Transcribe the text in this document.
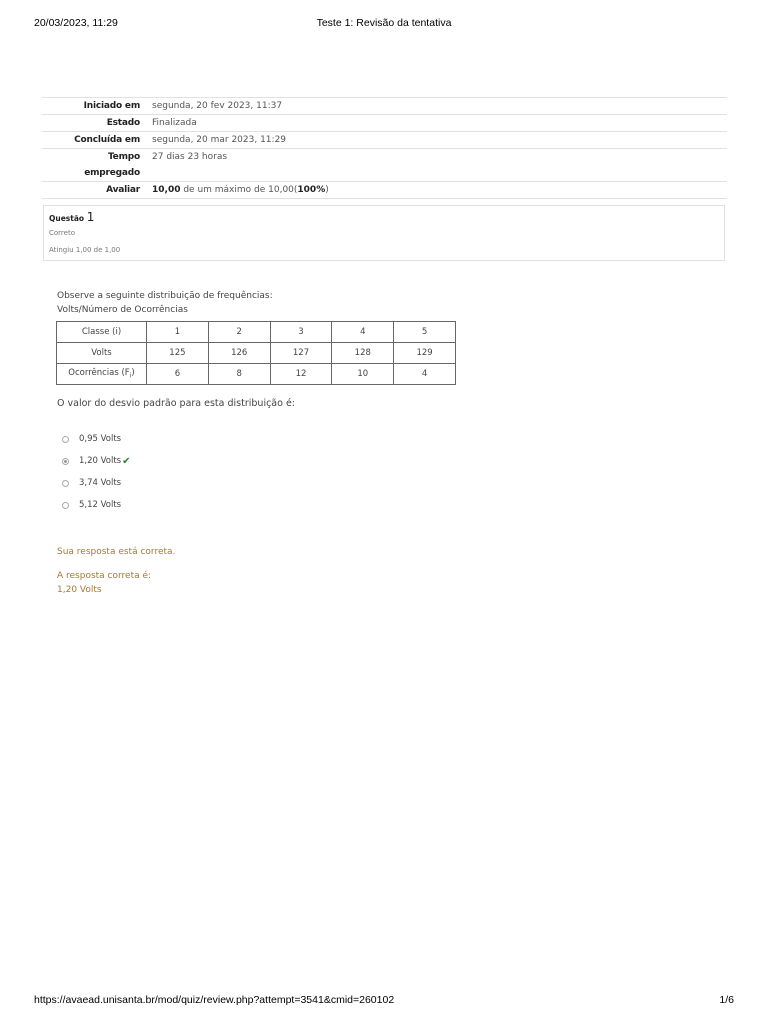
20/03/2023, 11:29	Teste 1: Revisão da tentativa
Iniciado em	segunda, 20 fev 2023, 11:37
Estado	Finalizada
Concluída em	segunda, 20 mar 2023, 11:29
Tempo
empregado	27 dias 23 horas
Avaliar	10,00 de um máximo de 10,00(100%)
Questão 1
Correto
Atingiu 1,00 de 1,00
Observe a seguinte distribuição de frequências:
Volts/Número de Ocorrências
Classe (i)	1	2	3	4	5
Volts	125	126	127	128	129
Ocorrências $(F_i)$	6	8	12	10	4
O valor do desvio padrão para esta distribuição é:
0,95 Volts
1,20 Volts ✔
3,74 Volts
5,12 Volts
Sua resposta está correta.
A resposta correta é:
1,20 Volts
https://avaead.unisanta.br/mod/quiz/review.php?attempt=3541&cmid=260102	1/6
